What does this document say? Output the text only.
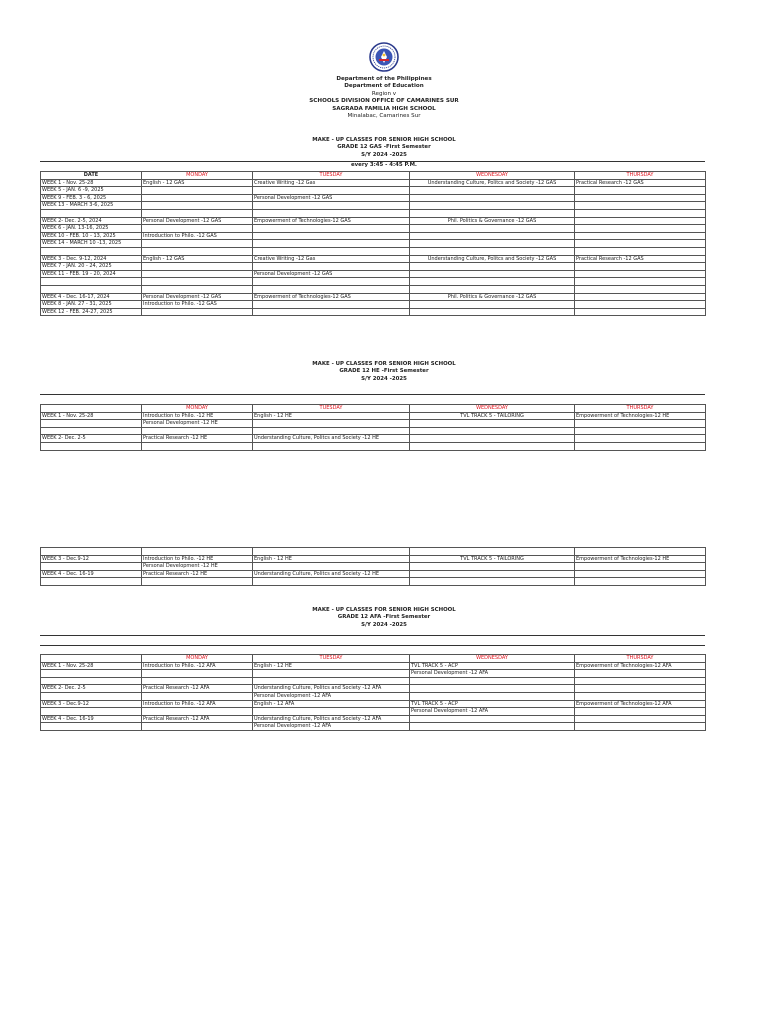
Department of the Philippines
Department of Education
Region v
SCHOOLS DIVISION OFFICE OF CAMARINES SUR
SAGRADA FAMILIA HIGH SCHOOL
Minalabac, Camarines Sur
MAKE - UP CLASSES FOR SENIOR HIGH SCHOOL
GRADE 12 GAS -First Semester
S/Y 2024 -2025
every 3:45 - 4:45 P.M.
DATE	MONDAY	TUESDAY	WEDNESDAY	THURSDAY
WEEK 1 - Nov. 25-28	English - 12 GAS	Creative Writing -12 Gas	Understanding Culture, Politcs and Society -12 GAS	Practical Research -12 GAS
WEEK 5 - JAN. 6 -9, 2025				
WEEK 9 - FEB. 3 - 6, 2025		Personal Development -12 GAS		
WEEK 13 - MARCH 3-6, 2025				

WEEK 2- Dec. 2-5, 2024	Personal Development -12 GAS	Empowerment of Technologies-12 GAS	Phil. Politics & Governance -12 GAS	
WEEK 6 - JAN. 13-16, 2025				
WEEK 10 - FEB. 10 - 13, 2025	Introduction to Philo. -12 GAS			
WEEK 14 - MARCH 10 -13, 2025				

WEEK 3 - Dec. 9-12, 2024	English - 12 GAS	Creative Writing -12 Gas	Understanding Culture, Politcs and Society -12 GAS	Practical Research -12 GAS
WEEK 7 - JAN. 20 - 24, 2025				
WEEK 11 - FEB. 19 - 20, 2024		Personal Development -12 GAS		

WEEK 4 - Dec. 16-17, 2024	Personal Development -12 GAS	Empowerment of Technologies-12 GAS	Phil. Politics & Governance -12 GAS	
WEEK 8 - JAN. 27 - 31, 2025	Introduction to Philo. -12 GAS			
WEEK 12 - FEB. 24-27, 2025				
MAKE - UP CLASSES FOR SENIOR HIGH SCHOOL
GRADE 12 HE -First Semester
S/Y 2024 -2025
	MONDAY	TUESDAY	WEDNESDAY	THURSDAY
WEEK 1 - Nov. 25-28	Introduction to Philo. -12 HE	English - 12 HE	TVL TRACK 5 - TAILORING	Empowerment of Technologies-12 HE
	Personal Development -12 HE			

WEEK 2- Dec. 2-5	Practical Research -12 HE	Understanding Culture, Politcs and Society -12 HE		

WEEK 3 - Dec.9-12	Introduction to Philo. -12 HE	English - 12 HE	TVL TRACK 5 - TAILORING	Empowerment of Technologies-12 HE
	Personal Development -12 HE			
WEEK 4 - Dec. 16-19	Practical Research -12 HE	Understanding Culture, Politcs and Society -12 HE		

MAKE - UP CLASSES FOR SENIOR HIGH SCHOOL
GRADE 12 AFA -First Semester
S/Y 2024 -2025
	MONDAY	TUESDAY	WEDNESDAY	THURSDAY
WEEK 1 - Nov. 25-28	Introduction to Philo. -12 AFA	English - 12 HE	TVL TRACK 5 - ACP	Empowerment of Technologies-12 AFA
			Personal Development -12 AFA	

WEEK 2- Dec. 2-5	Practical Research -12 AFA	Understanding Culture, Politcs and Society -12 AFA		
		Personal Development -12 AFA		
WEEK 3 - Dec.9-12	Introduction to Philo. -12 AFA	English - 12 AFA	TVL TRACK 5 - ACP	Empowerment of Technologies-12 AFA
			Personal Development -12 AFA	
WEEK 4 - Dec. 16-19	Practical Research -12 AFA	Understanding Culture, Politcs and Society -12 AFA		
		Personal Development -12 AFA		
